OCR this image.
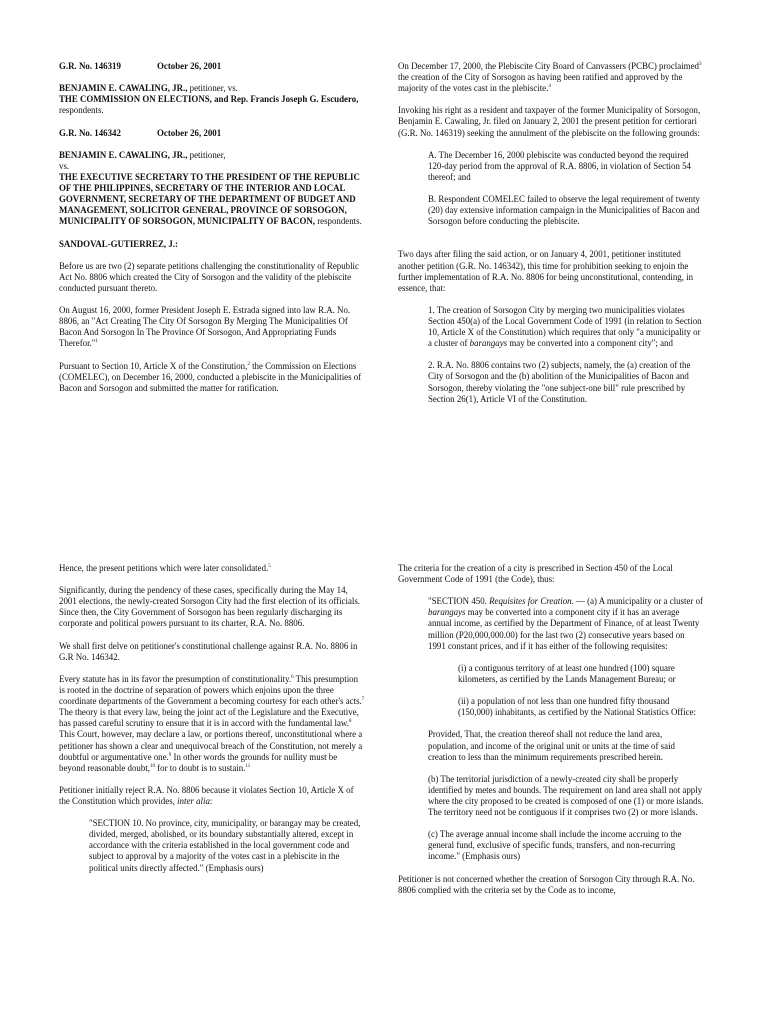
G.R. No. 146319	October 26, 2001

BENJAMIN E. CAWALING, JR., petitioner, vs.
THE COMMISSION ON ELECTIONS, and Rep. Francis Joseph G. Escudero, respondents.

G.R. No. 146342	October 26, 2001

BENJAMIN E. CAWALING, JR., petitioner,
vs.
THE EXECUTIVE SECRETARY TO THE PRESIDENT OF THE REPUBLIC OF THE PHILIPPINES, SECRETARY OF THE INTERIOR AND LOCAL GOVERNMENT, SECRETARY OF THE DEPARTMENT OF BUDGET AND MANAGEMENT, SOLICITOR GENERAL, PROVINCE OF SORSOGON, MUNICIPALITY OF SORSOGON, MUNICIPALITY OF BACON, respondents.

SANDOVAL-GUTIERREZ, J.:

Before us are two (2) separate petitions challenging the constitutionality of Republic Act No. 8806 which created the City of Sorsogon and the validity of the plebiscite conducted pursuant thereto.

On August 16, 2000, former President Joseph E. Estrada signed into law R.A. No. 8806, an "Act Creating The City Of Sorsogon By Merging The Municipalities Of Bacon And Sorsogon In The Province Of Sorsogon, And Appropriating Funds Therefor."$^1$

Pursuant to Section 10, Article X of the Constitution,$^2$ the Commission on Elections (COMELEC), on December 16, 2000, conducted a plebiscite in the Municipalities of Bacon and Sorsogon and submitted the matter for ratification.

On December 17, 2000, the Plebiscite City Board of Canvassers (PCBC) proclaimed$^3$ the creation of the City of Sorsogon as having been ratified and approved by the majority of the votes cast in the plebiscite.$^4$

Invoking his right as a resident and taxpayer of the former Municipality of Sorsogon, Benjamin E. Cawaling, Jr. filed on January 2, 2001 the present petition for certiorari (G.R. No. 146319) seeking the annulment of the plebiscite on the following grounds:

A. The December 16, 2000 plebiscite was conducted beyond the required 120-day period from the approval of R.A. 8806, in violation of Section 54 thereof; and

B. Respondent COMELEC failed to observe the legal requirement of twenty (20) day extensive information campaign in the Municipalities of Bacon and Sorsogon before conducting the plebiscite.

Two days after filing the said action, or on January 4, 2001, petitioner instituted another petition (G.R. No. 146342), this time for prohibition seeking to enjoin the further implementation of R.A. No. 8806 for being unconstitutional, contending, in essence, that:

1. The creation of Sorsogon City by merging two municipalities violates Section 450(a) of the Local Government Code of 1991 (in relation to Section 10, Article X of the Constitution) which requires that only "a municipality or a cluster of barangays may be converted into a component city"; and

2. R.A. No. 8806 contains two (2) subjects, namely, the (a) creation of the City of Sorsogon and the (b) abolition of the Municipalities of Bacon and Sorsogon, thereby violating the "one subject-one bill" rule prescribed by Section 26(1), Article VI of the Constitution.

Hence, the present petitions which were later consolidated.$^5$

Significantly, during the pendency of these cases, specifically during the May 14, 2001 elections, the newly-created Sorsogon City had the first election of its officials. Since then, the City Government of Sorsogon has been regularly discharging its corporate and political powers pursuant to its charter, R.A. No. 8806.

We shall first delve on petitioner's constitutional challenge against R.A. No. 8806 in G.R No. 146342.

Every statute has in its favor the presumption of constitutionality.$^6$ This presumption is rooted in the doctrine of separation of powers which enjoins upon the three coordinate departments of the Government a becoming courtesy for each other's acts.$^7$ The theory is that every law, being the joint act of the Legislature and the Executive, has passed careful scrutiny to ensure that it is in accord with the fundamental law.$^8$ This Court, however, may declare a law, or portions thereof, unconstitutional where a petitioner has shown a clear and unequivocal breach of the Constitution, not merely a doubtful or argumentative one.$^9$ In other words the grounds for nullity must be beyond reasonable doubt,$^{10}$ for to doubt is to sustain.$^{11}$

Petitioner initially reject R.A. No. 8806 because it violates Section 10, Article X of the Constitution which provides, inter alia:

"SECTION 10. No province, city, municipality, or barangay may be created, divided, merged, abolished, or its boundary substantially altered, except in accordance with the criteria established in the local government code and subject to approval by a majority of the votes cast in a plebiscite in the political units directly affected." (Emphasis ours)

The criteria for the creation of a city is prescribed in Section 450 of the Local Government Code of 1991 (the Code), thus:

"SECTION 450. Requisites for Creation. — (a) A municipality or a cluster of barangays may be converted into a component city if it has an average annual income, as certified by the Department of Finance, of at least Twenty million (P20,000,000.00) for the last two (2) consecutive years based on 1991 constant prices, and if it has either of the following requisites:

(i) a contiguous territory of at least one hundred (100) square kilometers, as certified by the Lands Management Bureau; or

(ii) a population of not less than one hundred fifty thousand (150,000) inhabitants, as certified by the National Statistics Office:

Provided, That, the creation thereof shall not reduce the land area, population, and income of the original unit or units at the time of said creation to less than the minimum requirements prescribed herein.

(b) The territorial jurisdiction of a newly-created city shall be properly identified by metes and bounds. The requirement on land area shall not apply where the city proposed to be created is composed of one (1) or more islands. The territory need not be contiguous if it comprises two (2) or more islands.

(c) The average annual income shall include the income accruing to the general fund, exclusive of specific funds, transfers, and non-recurring income." (Emphasis ours)

Petitioner is not concerned whether the creation of Sorsogon City through R.A. No. 8806 complied with the criteria set by the Code as to income,
